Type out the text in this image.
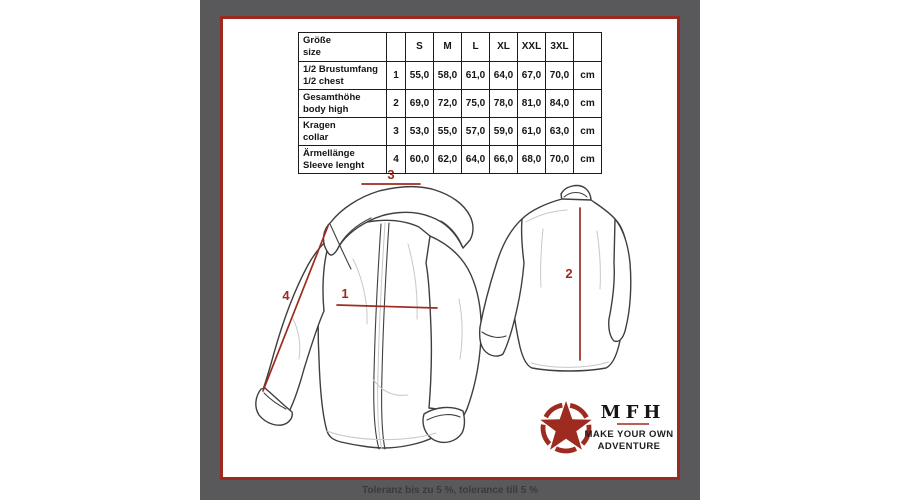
3
4	1
2
MFH
MAKE YOUR OWN
ADVENTURE
Größe
size		S	M	L	XL	XXL	3XL	
1/2 Brustumfang
1/2 chest	1	55,0	58,0	61,0	64,0	67,0	70,0	cm
Gesamthöhe
body high	2	69,0	72,0	75,0	78,0	81,0	84,0	cm
Kragen
collar	3	53,0	55,0	57,0	59,0	61,0	63,0	cm
Ärmellänge
Sleeve lenght	4	60,0	62,0	64,0	66,0	68,0	70,0	cm
Toleranz bis zu 5 %, tolerance till 5 %
